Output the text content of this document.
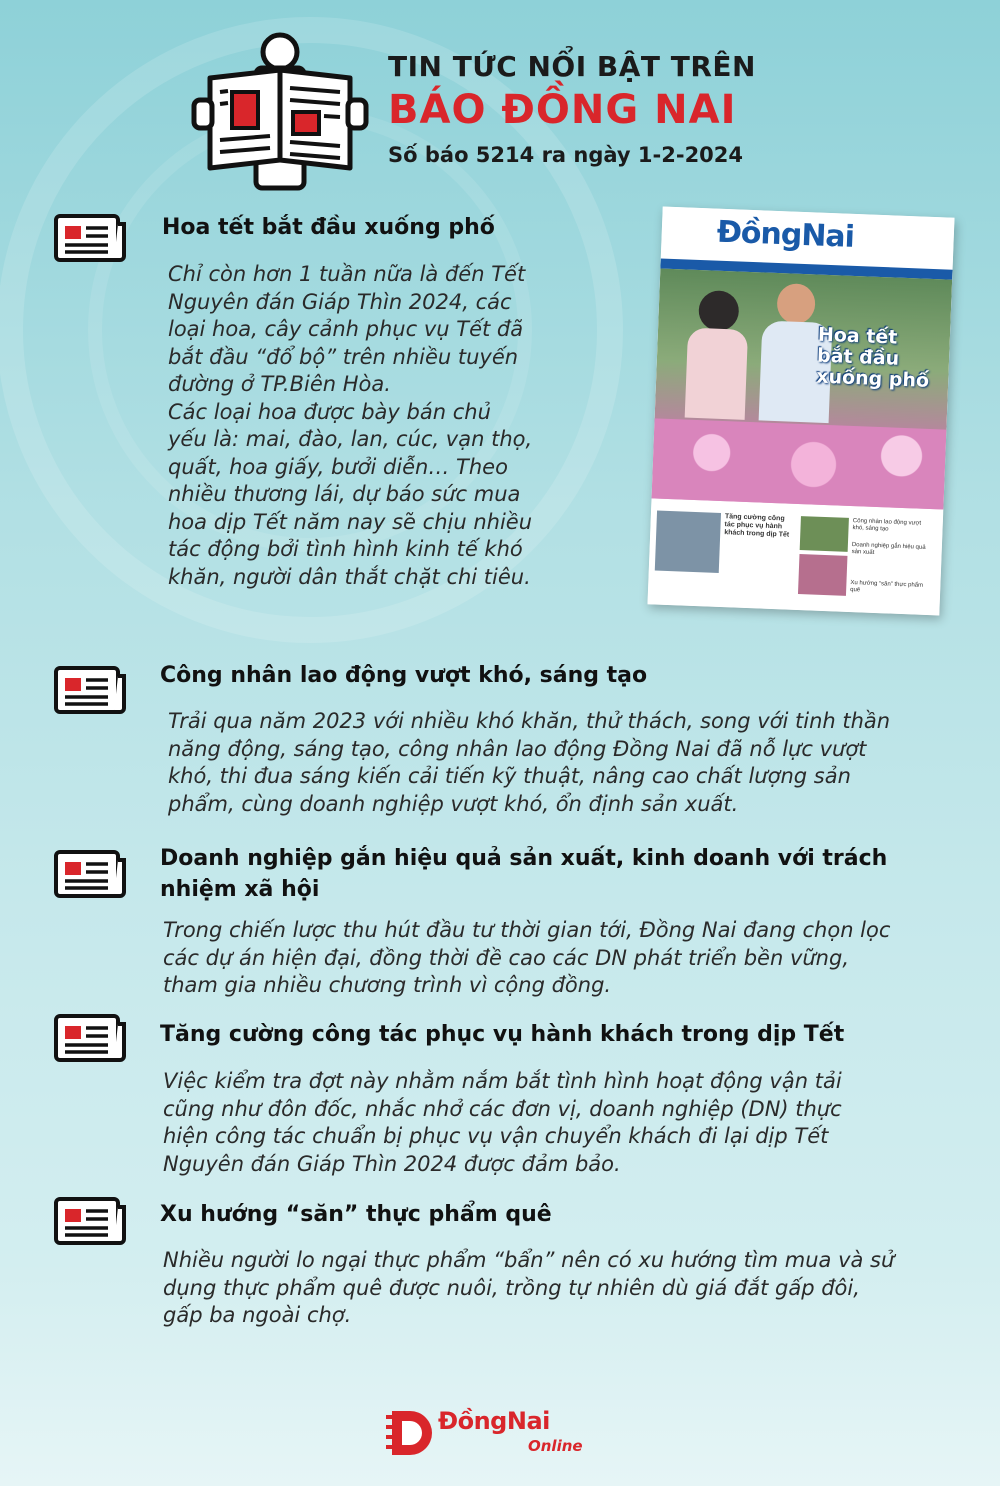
TIN TỨC NỔI BẬT TRÊN
BÁO ĐỒNG NAI
Số báo 5214 ra ngày 1-2-2024
Hoa tết bắt đầu xuống phố
Chỉ còn hơn 1 tuần nữa là đến Tết
Nguyên đán Giáp Thìn 2024, các
loại hoa, cây cảnh phục vụ Tết đã
bắt đầu “đổ bộ” trên nhiều tuyến
đường ở TP.Biên Hòa.
Các loại hoa được bày bán chủ
yếu là: mai, đào, lan, cúc, vạn thọ,
quất, hoa giấy, bưởi diễn… Theo
nhiều thương lái, dự báo sức mua
hoa dịp Tết năm nay sẽ chịu nhiều
tác động bởi tình hình kinh tế khó
khăn, người dân thắt chặt chi tiêu.
ĐồngNai
Hoa tết bắt đầu xuống phố
Tăng cường công tác phục vụ hành khách trong dịp Tết
Công nhân lao động vượt khó, sáng tạo
Doanh nghiệp gắn hiệu quả sản xuất
Xu hướng “săn” thực phẩm quê
Công nhân lao động vượt khó, sáng tạo
Trải qua năm 2023 với nhiều khó khăn, thử thách, song với tinh thần
năng động, sáng tạo, công nhân lao động Đồng Nai đã nỗ lực vượt
khó, thi đua sáng kiến cải tiến kỹ thuật, nâng cao chất lượng sản
phẩm, cùng doanh nghiệp vượt khó, ổn định sản xuất.
Doanh nghiệp gắn hiệu quả sản xuất, kinh doanh với trách
nhiệm xã hội
Trong chiến lược thu hút đầu tư thời gian tới, Đồng Nai đang chọn lọc
các dự án hiện đại, đồng thời đề cao các DN phát triển bền vững,
tham gia nhiều chương trình vì cộng đồng.
Tăng cường công tác phục vụ hành khách trong dịp Tết
Việc kiểm tra đợt này nhằm nắm bắt tình hình hoạt động vận tải
cũng như đôn đốc, nhắc nhở các đơn vị, doanh nghiệp (DN) thực
hiện công tác chuẩn bị phục vụ vận chuyển khách đi lại dịp Tết
Nguyên đán Giáp Thìn 2024 được đảm bảo.
Xu hướng “săn” thực phẩm quê
Nhiều người lo ngại thực phẩm “bẩn” nên có xu hướng tìm mua và sử
dụng thực phẩm quê được nuôi, trồng tự nhiên dù giá đắt gấp đôi,
gấp ba ngoài chợ.
ĐồngNai
Online
